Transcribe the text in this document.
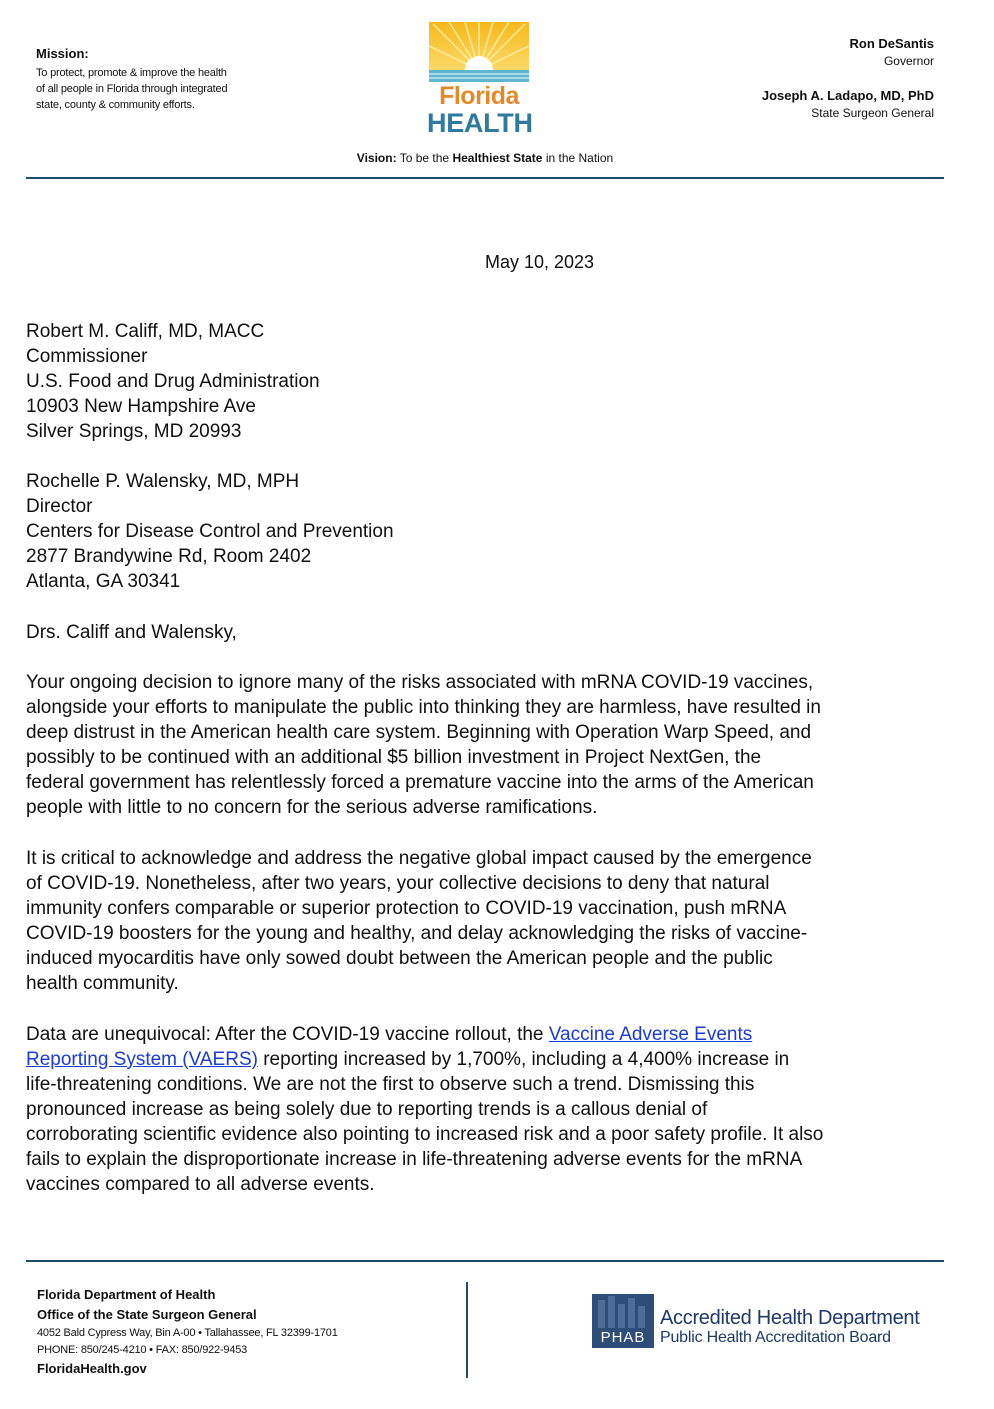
Mission:
To protect, promote & improve the health
of all people in Florida through integrated
state, county & community efforts.	Florida
HEALTH
Ron DeSantis
Governor
Joseph A. Ladapo, MD, PhD
State Surgeon General
Vision: To be the Healthiest State in the Nation
May 10, 2023
Robert M. Califf, MD, MACC
Commissioner
U.S. Food and Drug Administration
10903 New Hampshire Ave
Silver Springs, MD 20993
Rochelle P. Walensky, MD, MPH
Director
Centers for Disease Control and Prevention
2877 Brandywine Rd, Room 2402
Atlanta, GA 30341
Drs. Califf and Walensky,
Your ongoing decision to ignore many of the risks associated with mRNA COVID-19 vaccines,
alongside your efforts to manipulate the public into thinking they are harmless, have resulted in
deep distrust in the American health care system. Beginning with Operation Warp Speed, and
possibly to be continued with an additional $5 billion investment in Project NextGen, the
federal government has relentlessly forced a premature vaccine into the arms of the American
people with little to no concern for the serious adverse ramifications.
It is critical to acknowledge and address the negative global impact caused by the emergence
of COVID-19. Nonetheless, after two years, your collective decisions to deny that natural
immunity confers comparable or superior protection to COVID-19 vaccination, push mRNA
COVID-19 boosters for the young and healthy, and delay acknowledging the risks of vaccine-
induced myocarditis have only sowed doubt between the American people and the public
health community.
Data are unequivocal: After the COVID-19 vaccine rollout, the Vaccine Adverse Events
Reporting System (VAERS) reporting increased by 1,700%, including a 4,400% increase in
life-threatening conditions. We are not the first to observe such a trend. Dismissing this
pronounced increase as being solely due to reporting trends is a callous denial of
corroborating scientific evidence also pointing to increased risk and a poor safety profile. It also
fails to explain the disproportionate increase in life-threatening adverse events for the mRNA
vaccines compared to all adverse events.
Florida Department of Health
Office of the State Surgeon General
4052 Bald Cypress Way, Bin A-00 • Tallahassee, FL 32399-1701
PHONE: 850/245-4210 • FAX: 850/922-9453
FloridaHealth.gov
PHAB
Accredited Health Department
Public Health Accreditation Board
